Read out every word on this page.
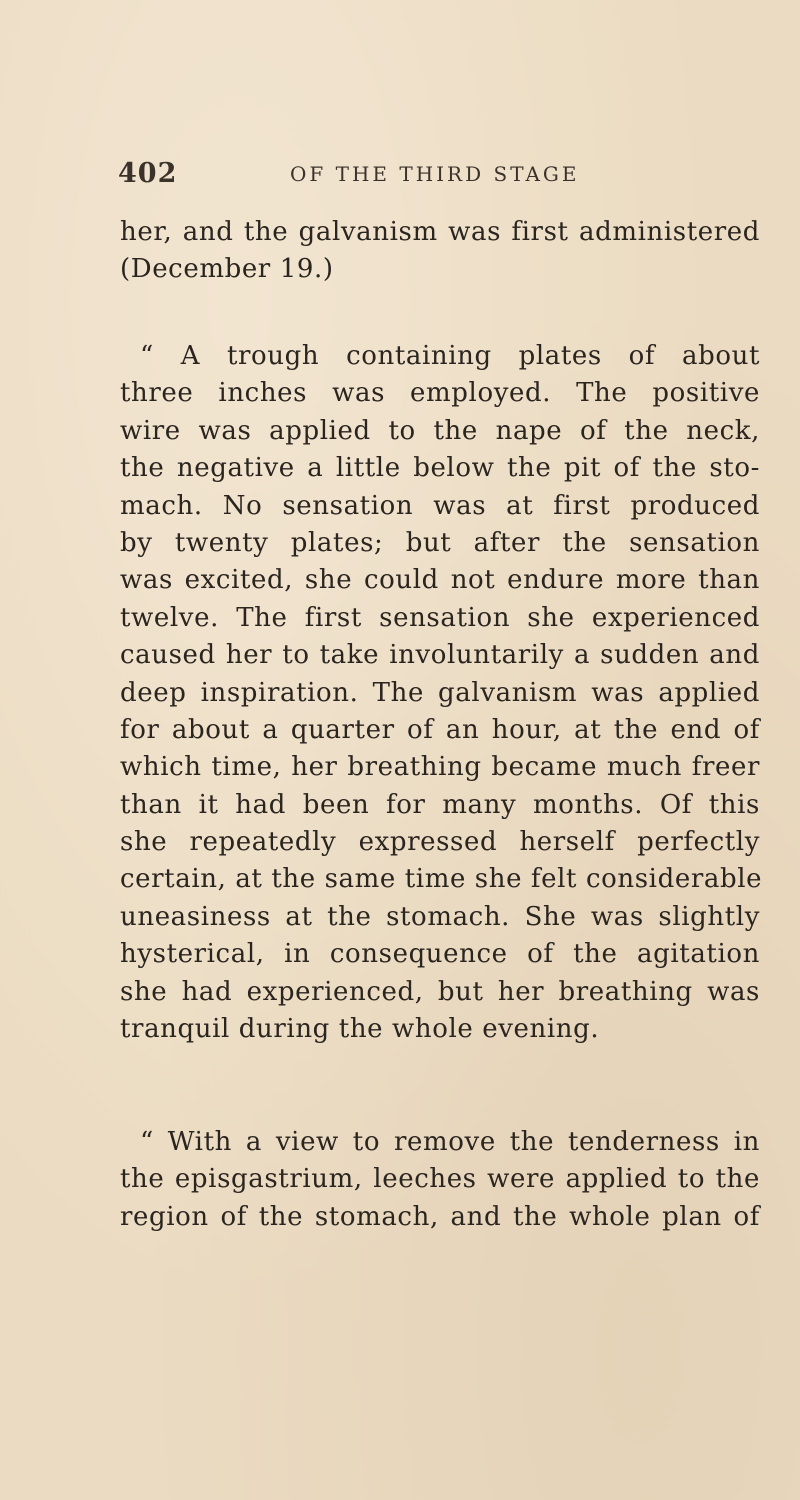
402	OF THE THIRD STAGE
her, and the galvanism was first administered
(December 19.)
“ A trough containing plates of about
three inches was employed. The positive
wire was applied to the nape of the neck,
the negative a little below the pit of the sto-
mach. No sensation was at first produced
by twenty plates; but after the sensation
was excited, she could not endure more than
twelve. The first sensation she experienced
caused her to take involuntarily a sudden and
deep inspiration. The galvanism was applied
for about a quarter of an hour, at the end of
which time, her breathing became much freer
than it had been for many months. Of this
she repeatedly expressed herself perfectly
certain, at the same time she felt considerable
uneasiness at the stomach. She was slightly
hysterical, in consequence of the agitation
she had experienced, but her breathing was
tranquil during the whole evening.
“ With a view to remove the tenderness in
the episgastrium, leeches were applied to the
region of the stomach, and the whole plan of
